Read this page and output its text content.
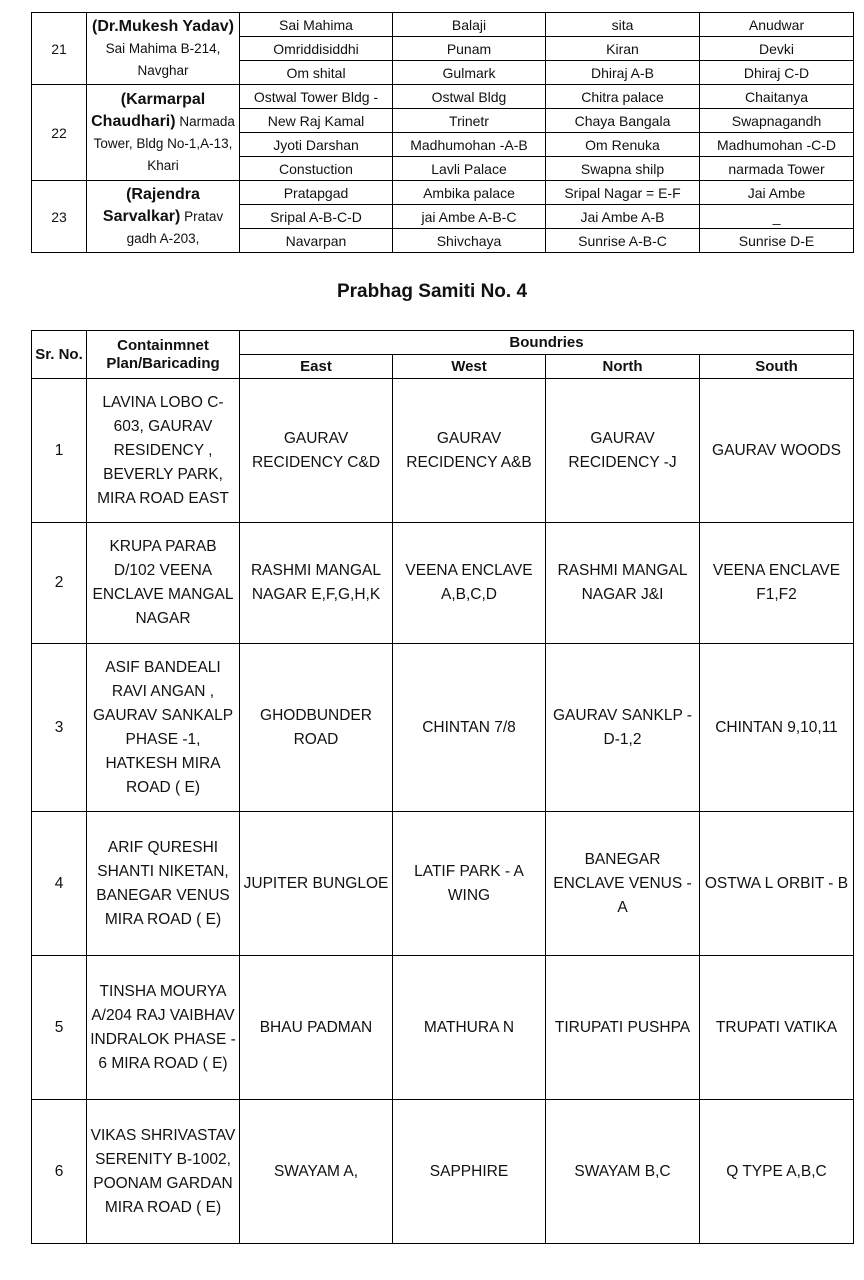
21	(Dr.Mukesh Yadav) Sai Mahima B-214, Navghar	Sai Mahima	Balaji	sita	Anudwar
		Omriddisiddhi	Punam	Kiran	Devki
		Om shital	Gulmark	Dhiraj A-B	Dhiraj C-D
22	(Karmarpal Chaudhari) Narmada Tower, Bldg No-1,A-13, Khari	Ostwal Tower Bldg -	Ostwal Bldg	Chitra palace	Chaitanya
		New Raj Kamal	Trinetr	Chaya Bangala	Swapnagandh
		Jyoti Darshan	Madhumohan -A-B	Om Renuka	Madhumohan -C-D
		Constuction	Lavli Palace	Swapna shilp	narmada Tower
23	(Rajendra Sarvalkar) Pratav gadh A-203,	Pratapgad	Ambika palace	Sripal Nagar = E-F	Jai Ambe
		Sripal A-B-C-D	jai Ambe A-B-C	Jai Ambe A-B	_
		Navarpan	Shivchaya	Sunrise A-B-C	Sunrise D-E
Prabhag Samiti No. 4
Sr. No.	Containmnet Plan/Baricading	Boundries			
		East	West	North	South
1	LAVINA LOBO C-603, GAURAV RESIDENCY , BEVERLY PARK, MIRA ROAD EAST	GAURAV RECIDENCY C&D	GAURAV RECIDENCY A&B	GAURAV RECIDENCY -J	GAURAV WOODS
2	KRUPA PARAB D/102 VEENA ENCLAVE MANGAL NAGAR	RASHMI MANGAL NAGAR E,F,G,H,K	VEENA ENCLAVE A,B,C,D	RASHMI MANGAL NAGAR J&I	VEENA ENCLAVE F1,F2
3	ASIF BANDEALI RAVI ANGAN , GAURAV SANKALP PHASE -1, HATKESH MIRA ROAD ( E)	GHODBUNDER ROAD	CHINTAN 7/8	GAURAV SANKLP - D-1,2	CHINTAN 9,10,11
4	ARIF QURESHI SHANTI NIKETAN, BANEGAR VENUS MIRA ROAD ( E)	JUPITER BUNGLOE	LATIF PARK - A WING	BANEGAR ENCLAVE VENUS - A	OSTWA L ORBIT - B
5	TINSHA MOURYA A/204 RAJ VAIBHAV INDRALOK PHASE - 6 MIRA ROAD ( E)	BHAU PADMAN	MATHURA N	TIRUPATI PUSHPA	TRUPATI VATIKA
6	VIKAS SHRIVASTAV SERENITY B-1002, POONAM GARDAN MIRA ROAD ( E)	SWAYAM A,	SAPPHIRE	SWAYAM B,C	Q TYPE A,B,C
